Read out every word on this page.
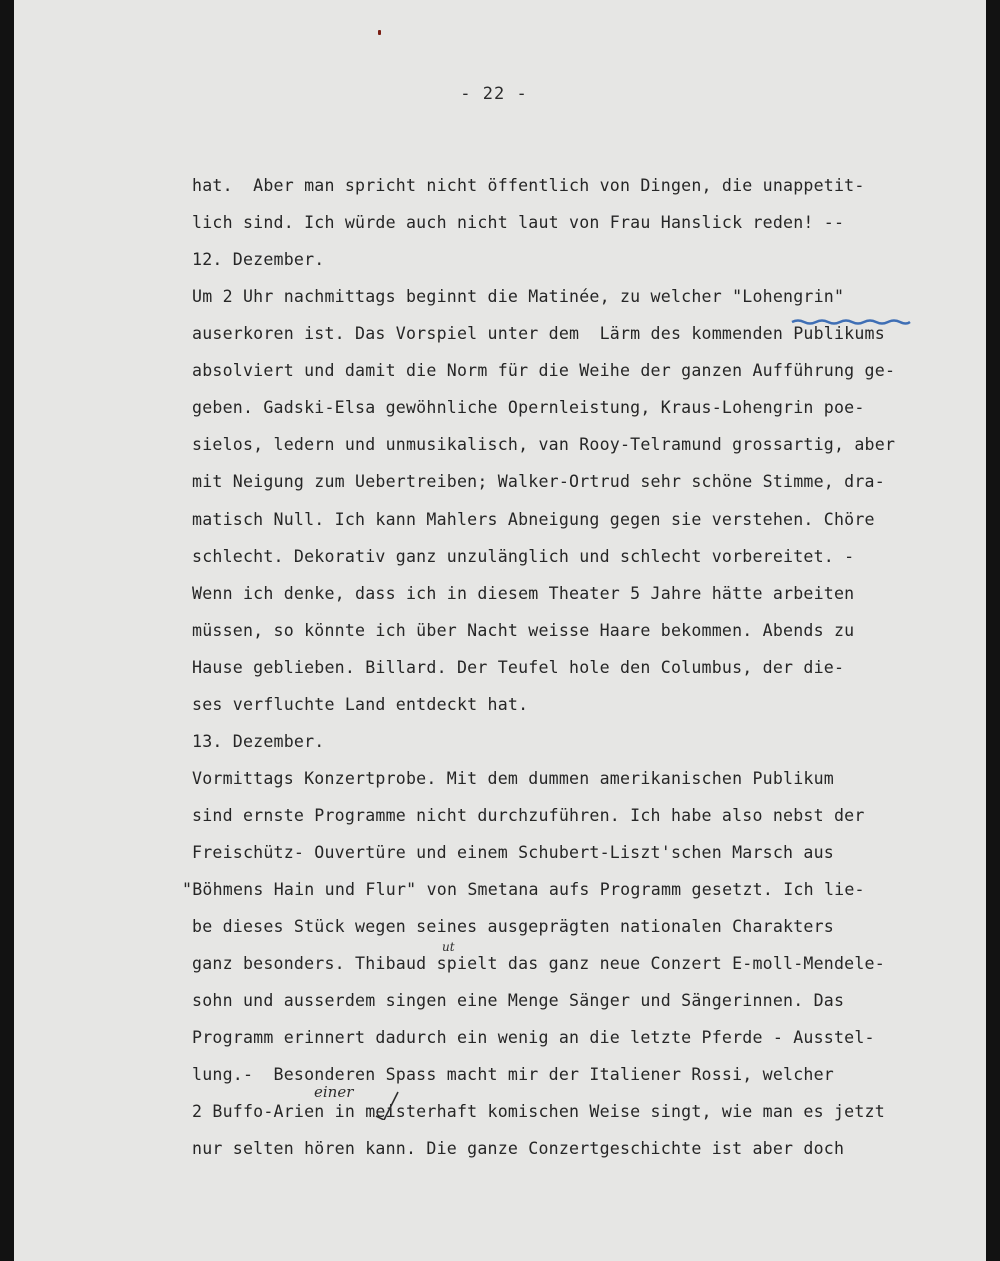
- 22 -
hat.  Aber man spricht nicht öffentlich von Dingen, die unappetit-
lich sind. Ich würde auch nicht laut von Frau Hanslick reden! --
12. Dezember.
Um 2 Uhr nachmittags beginnt die Matinée, zu welcher "Lohengrin"
auserkoren ist. Das Vorspiel unter dem  Lärm des kommenden Publikums
absolviert und damit die Norm für die Weihe der ganzen Aufführung ge-
geben. Gadski-Elsa gewöhnliche Opernleistung, Kraus-Lohengrin poe-
sielos, ledern und unmusikalisch, van Rooy-Telramund grossartig, aber
mit Neigung zum Uebertreiben; Walker-Ortrud sehr schöne Stimme, dra-
matisch Null. Ich kann Mahlers Abneigung gegen sie verstehen. Chöre
schlecht. Dekorativ ganz unzulänglich und schlecht vorbereitet. -
Wenn ich denke, dass ich in diesem Theater 5 Jahre hätte arbeiten
müssen, so könnte ich über Nacht weisse Haare bekommen. Abends zu
Hause geblieben. Billard. Der Teufel hole den Columbus, der die-
ses verfluchte Land entdeckt hat.
13. Dezember.
Vormittags Konzertprobe. Mit dem dummen amerikanischen Publikum
sind ernste Programme nicht durchzuführen. Ich habe also nebst der
Freischütz- Ouvertüre und einem Schubert-Liszt'schen Marsch aus
"Böhmens Hain und Flur" von Smetana aufs Programm gesetzt. Ich lie-
be dieses Stück wegen seines ausgeprägten nationalen Charakters
ganz besonders. Thibaud spielt das ganz neue Conzert E-moll-Mendele-
sohn und ausserdem singen eine Menge Sänger und Sängerinnen. Das
Programm erinnert dadurch ein wenig an die letzte Pferde - Ausstel-
lung.-  Besonderen Spass macht mir der Italiener Rossi, welcher
2 Buffo-Arien in meisterhaft komischen Weise singt, wie man es jetzt
nur selten hören kann. Die ganze Conzertgeschichte ist aber doch
ut
einer
